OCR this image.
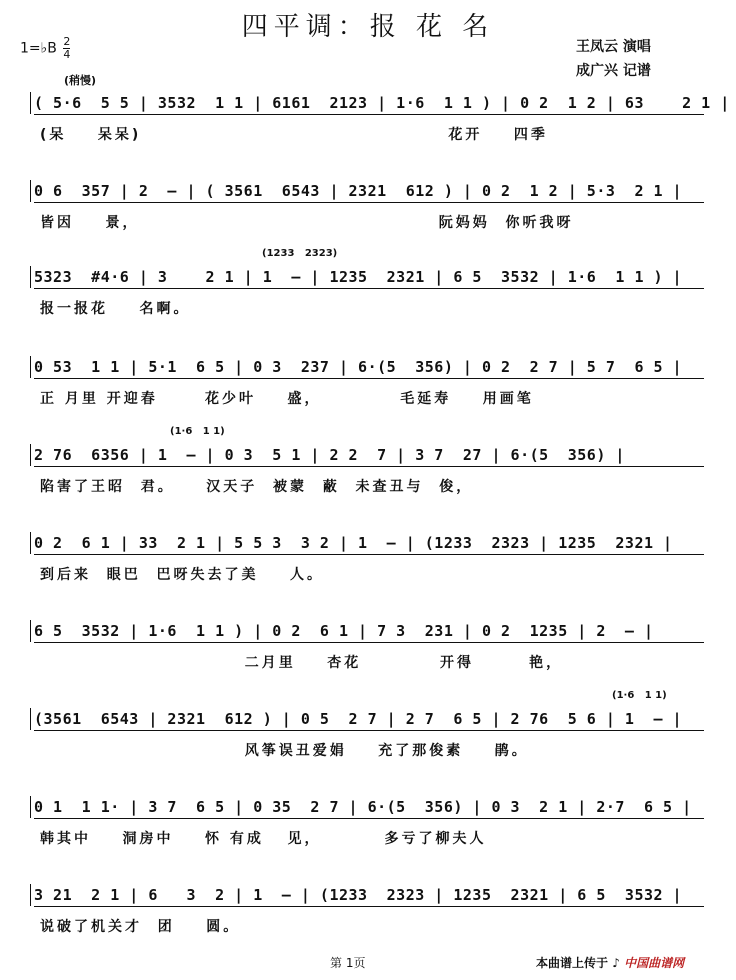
四平调：报 花 名
1=♭B $\frac{2}{4}$	王凤云 演唱
成广兴 记谱
(稍慢)
( 5·6  5 5 | 3532  1 1 | 6161  2123 | 1·6  1 1 ) | 0 2  1 2 | 63    2 1 |
(呆    呆呆)                                       花开    四季
0 6  357 | 2  — | ( 3561  6543 | 2321  612 ) | 0 2  1 2 | 5·3  2 1 |
皆因    景，                                      阮妈妈  你听我呀
(1233   2323)
5323  #4·6 | 3    2 1 | 1  — | 1235  2321 | 6 5  3532 | 1·6  1 1 ) |
报一报花    名啊。
0 53  1 1 | 5·1  6 5 | 0 3  237 | 6·(5  356) | 0 2  2 7 | 5 7  6 5 |
正 月里 开迎春      花少叶    盛，          毛延寿    用画笔
(1·6   1 1)
2 76  6356 | 1  — | 0 3  5 1 | 2 2  7 | 3 7  27 | 6·(5  356) |
陷害了王昭  君。    汉天子  被蒙  蔽  未查丑与  俊，
0 2  6 1 | 33  2 1 | 5 5 3  3 2 | 1  — | (1233  2323 | 1235  2321 |
到后来  眼巴  巴呀失去了美    人。
6 5  3532 | 1·6  1 1 ) | 0 2  6 1 | 7 3  231 | 0 2  1235 | 2  — |
二月里    杏花          开得       艳，
(1·6   1 1)
(3561  6543 | 2321  612 ) | 0 5  2 7 | 2 7  6 5 | 2 76  5 6 | 1  — |
风筝误丑爱娟    充了那俊素    鹃。
0 1  1 1· | 3 7  6 5 | 0 35  2 7 | 6·(5  356) | 0 3  2 1 | 2·7  6 5 |
韩其中    洞房中    怀 有成   见，        多亏了柳夫人
3 21  2 1 | 6   3  2 | 1  — | (1233  2323 | 1235  2321 | 6 5  3532 |
说破了机关才  团    圆。
第 1页	本曲谱上传于 ♪ 中国曲谱网
